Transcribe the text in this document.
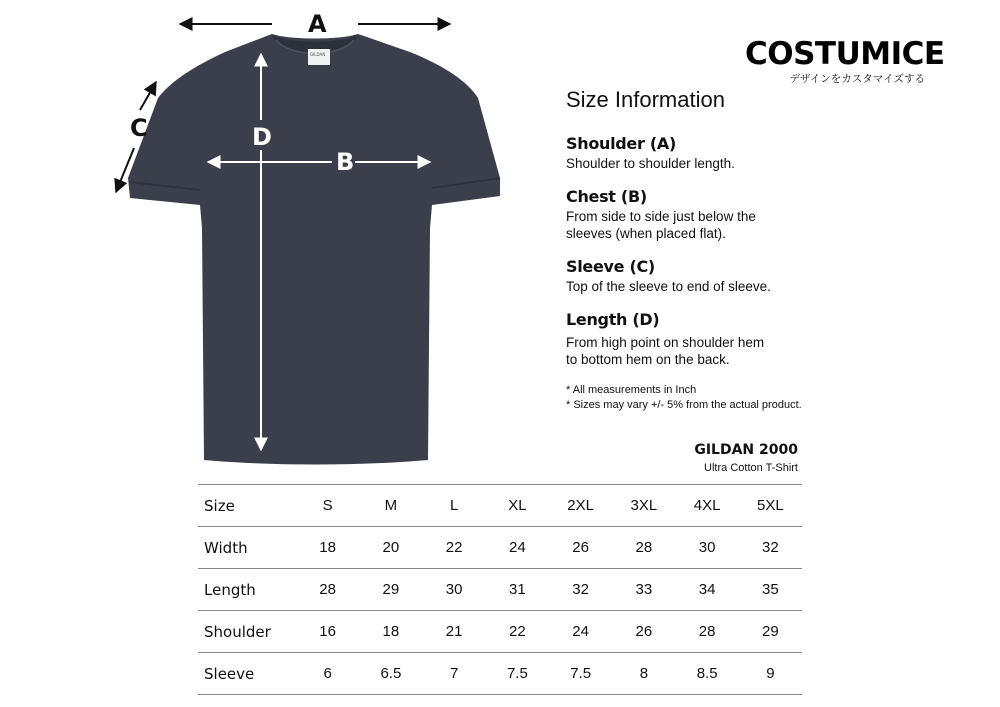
GILDAN
A
C	D
B
COSTUMICE
デザインをカスタマイズする
Size Information

Shoulder (A)

Shoulder to shoulder length.

Chest (B)

From side to side just below the
sleeves (when placed flat).

Sleeve (C)

Top of the sleeve to end of sleeve.

Length (D)

From high point on shoulder hem
to bottom hem on the back.

* All measurements in Inch

* Sizes may vary +/- 5% from the actual product.

GILDAN 2000
Ultra Cotton T-Shirt
Size	S	M	L	XL	2XL	3XL	4XL	5XL
Width	18	20	22	24	26	28	30	32
Length	28	29	30	31	32	33	34	35
Shoulder	16	18	21	22	24	26	28	29
Sleeve	6	6.5	7	7.5	7.5	8	8.5	9
